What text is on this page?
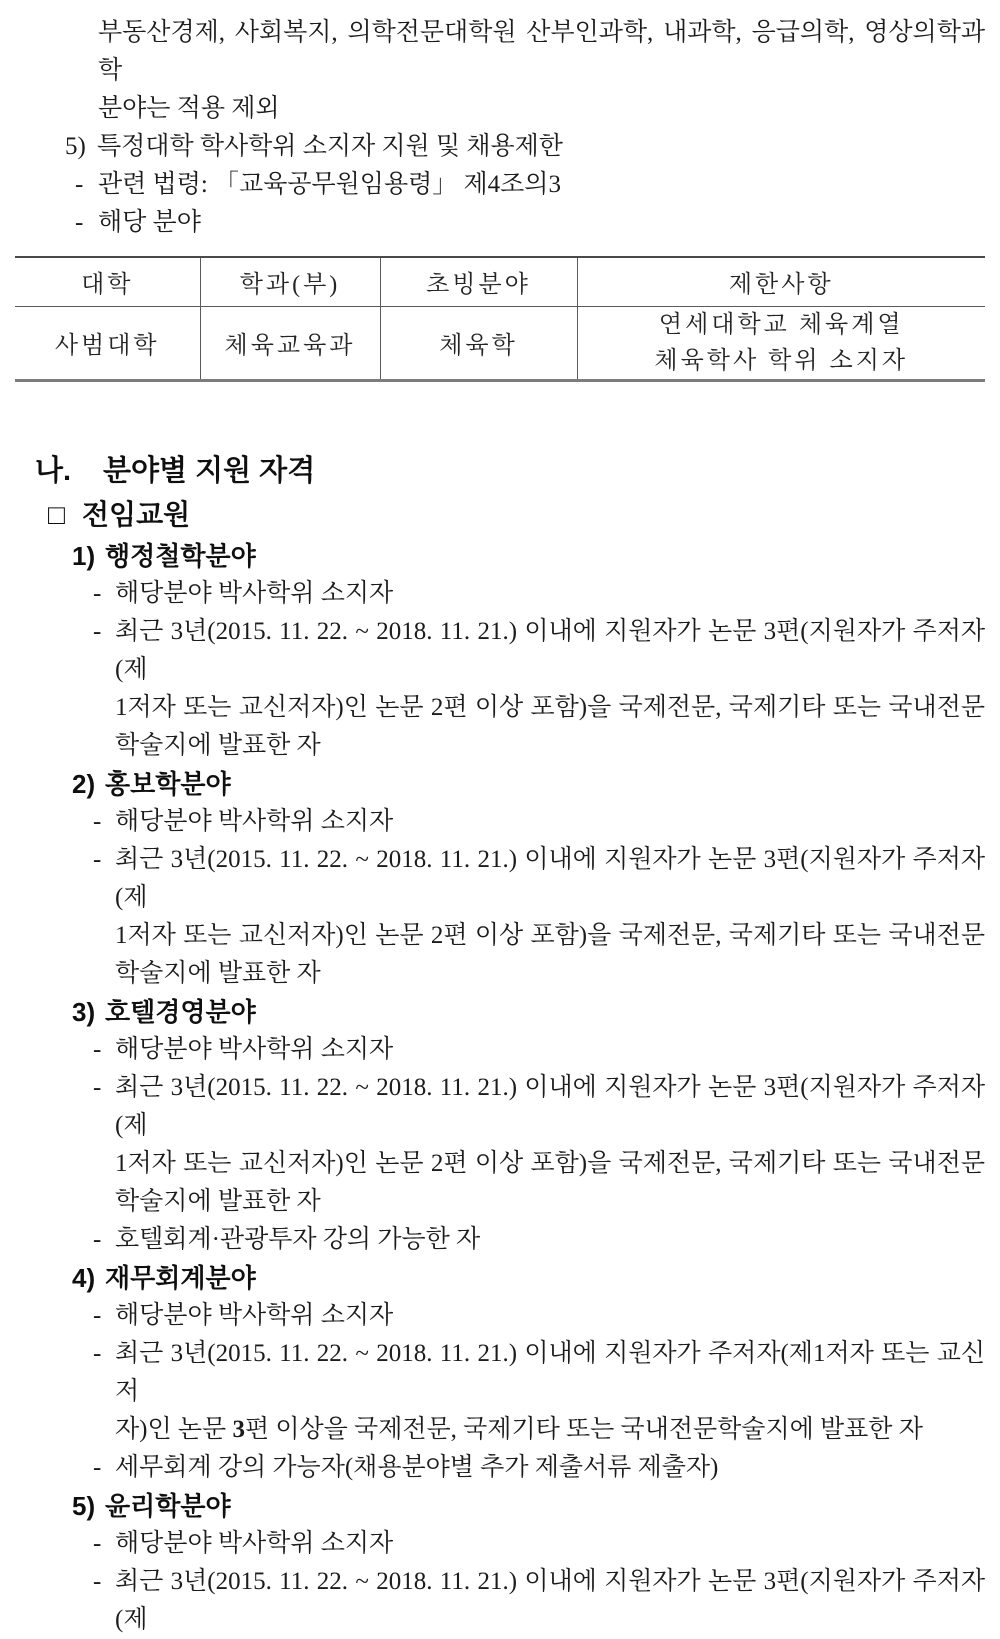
부동산경제, 사회복지, 의학전문대학원 산부인과학, 내과학, 응급의학, 영상의학과학
분야는 적용 제외
5) 특정대학 학사학위 소지자 지원 및 채용제한
- 관련 법령: 「교육공무원임용령」 제4조의3
- 해당 분야
대학	학과(부)	초빙분야	제한사항
사범대학	체육교육과	체육학	연세대학교 체육계열
체육학사 학위 소지자
나. 분야별 지원 자격
□ 전임교원
1) 행정철학분야
- 해당분야 박사학위 소지자
- 최근 3년(2015. 11. 22. ~ 2018. 11. 21.) 이내에 지원자가 논문 3편(지원자가 주저자(제
1저자 또는 교신저자)인 논문 2편 이상 포함)을 국제전문, 국제기타 또는 국내전문
학술지에 발표한 자
2) 홍보학분야
- 해당분야 박사학위 소지자
- 최근 3년(2015. 11. 22. ~ 2018. 11. 21.) 이내에 지원자가 논문 3편(지원자가 주저자(제
1저자 또는 교신저자)인 논문 2편 이상 포함)을 국제전문, 국제기타 또는 국내전문
학술지에 발표한 자
3) 호텔경영분야
- 해당분야 박사학위 소지자
- 최근 3년(2015. 11. 22. ~ 2018. 11. 21.) 이내에 지원자가 논문 3편(지원자가 주저자(제
1저자 또는 교신저자)인 논문 2편 이상 포함)을 국제전문, 국제기타 또는 국내전문
학술지에 발표한 자
- 호텔회계·관광투자 강의 가능한 자
4) 재무회계분야
- 해당분야 박사학위 소지자
- 최근 3년(2015. 11. 22. ~ 2018. 11. 21.) 이내에 지원자가 주저자(제1저자 또는 교신저
자)인 논문 3편 이상을 국제전문, 국제기타 또는 국내전문학술지에 발표한 자
- 세무회계 강의 가능자(채용분야별 추가 제출서류 제출자)
5) 윤리학분야
- 해당분야 박사학위 소지자
- 최근 3년(2015. 11. 22. ~ 2018. 11. 21.) 이내에 지원자가 논문 3편(지원자가 주저자(제
